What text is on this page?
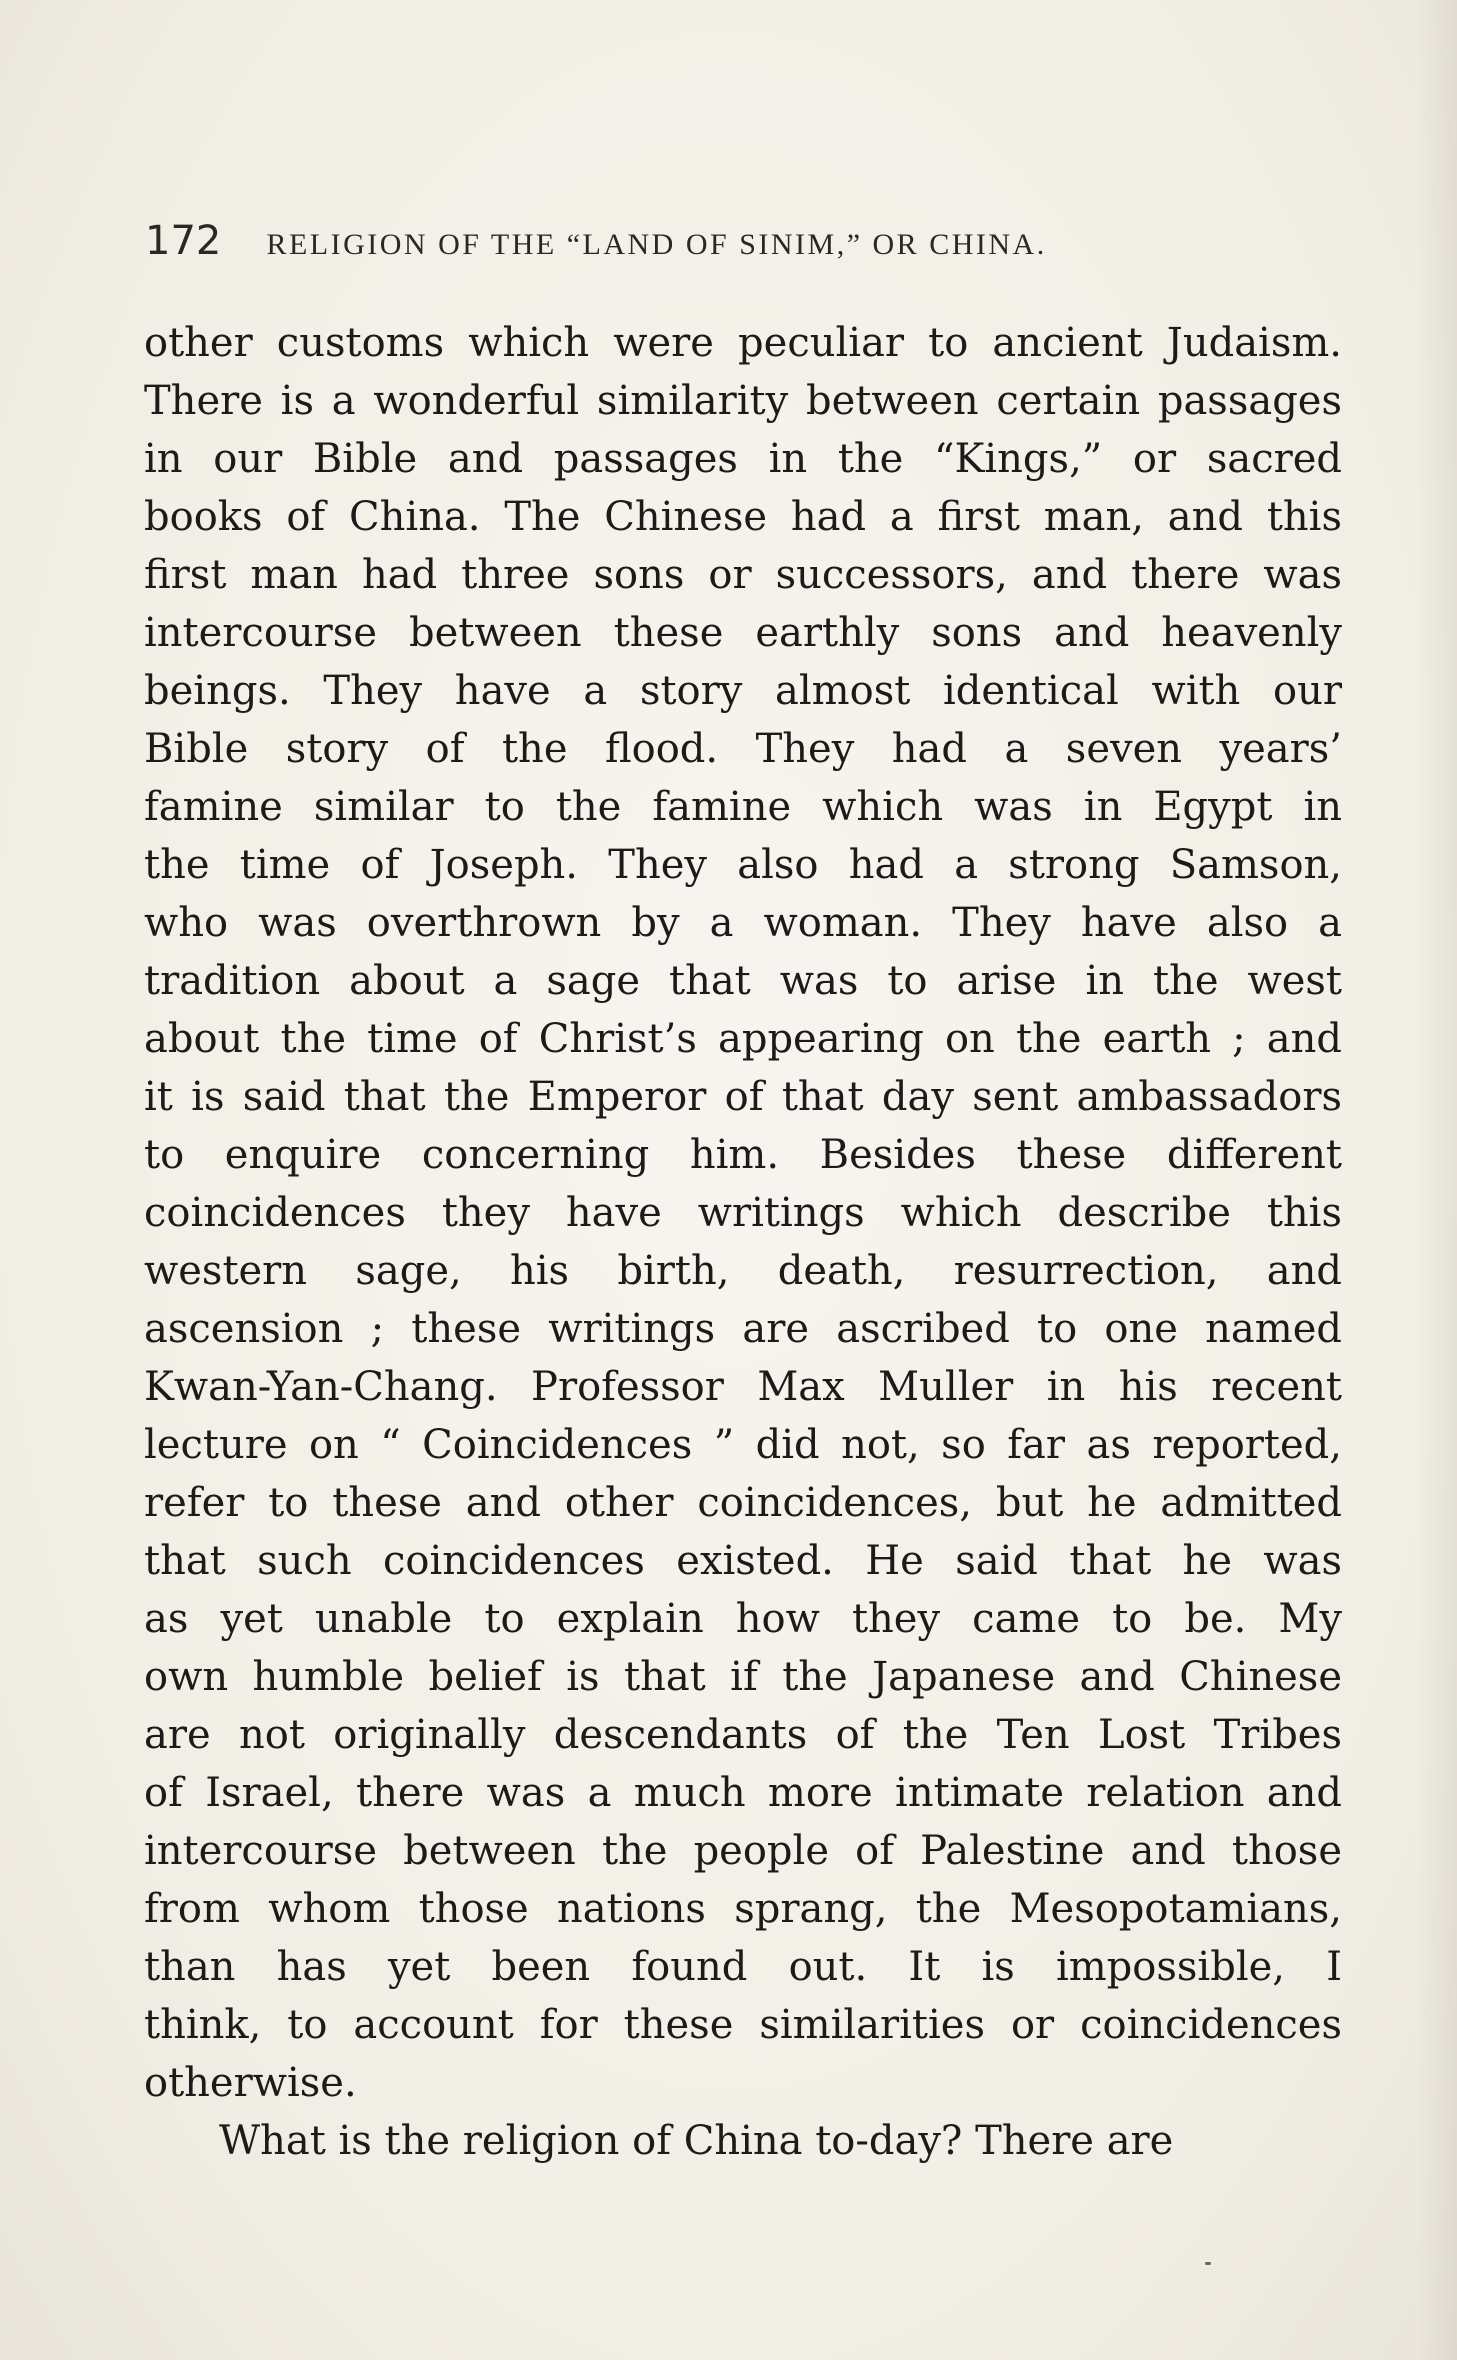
172 RELIGION OF THE “LAND OF SINIM,” OR CHINA.
other customs which were peculiar to ancient Judaism.
There is a wonderful similarity between certain passages
in our Bible and passages in the “Kings,” or sacred
books of China. The Chinese had a first man, and this
first man had three sons or successors, and there was
intercourse between these earthly sons and heavenly
beings. They have a story almost identical with our
Bible story of the flood. They had a seven years’
famine similar to the famine which was in Egypt in
the time of Joseph. They also had a strong Samson,
who was overthrown by a woman. They have also a
tradition about a sage that was to arise in the west
about the time of Christ’s appearing on the earth ; and
it is said that the Emperor of that day sent ambassadors
to enquire concerning him. Besides these different
coincidences they have writings which describe this
western sage, his birth, death, resurrection, and
ascension ; these writings are ascribed to one named
Kwan-Yan-Chang. Professor Max Muller in his recent
lecture on “ Coincidences ” did not, so far as reported,
refer to these and other coincidences, but he admitted
that such coincidences existed. He said that he was
as yet unable to explain how they came to be. My
own humble belief is that if the Japanese and Chinese
are not originally descendants of the Ten Lost Tribes
of Israel, there was a much more intimate relation and
intercourse between the people of Palestine and those
from whom those nations sprang, the Mesopotamians,
than has yet been found out. It is impossible, I
think, to account for these similarities or coincidences
otherwise.
What is the religion of China to-day? There are
